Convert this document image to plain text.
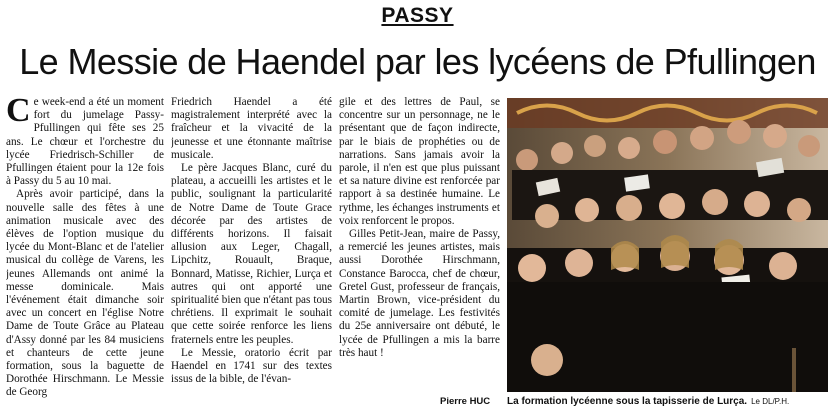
PASSY
Le Messie de Haendel par les lycéens de Pfullingen

Ce week-end a été un moment fort du jumelage Passy-Pfullingen qui fête ses 25 ans. Le chœur et l'orchestre du lycée Friedrisch-Schiller de Pfullingen étaient pour la 12e fois à Passy du 5 au 10 mai.

Après avoir participé, dans la nouvelle salle des fêtes à une animation musicale avec des élèves de l'option musique du lycée du Mont-Blanc et de l'atelier musical du collège de Varens, les jeunes Allemands ont animé la messe dominicale. Mais l'événement était dimanche soir avec un concert en l'église Notre Dame de Toute Grâce au Plateau d'Assy donné par les 84 musiciens et chanteurs de cette jeune formation, sous la baguette de Dorothée Hirschmann. Le Messie de Georg

Friedrich Haendel a été magistralement interprété avec la fraîcheur et la vivacité de la jeunesse et une étonnante maîtrise musicale.

Le père Jacques Blanc, curé du plateau, a accueilli les artistes et le public, soulignant la particularité de Notre Dame de Toute Grace décorée par des artistes de différents horizons. Il faisait allusion aux Leger, Chagall, Lipchitz, Rouault, Braque, Bonnard, Matisse, Richier, Lurça et autres qui ont apporté une spiritualité bien que n'étant pas tous chrétiens. Il exprimait le souhait que cette soirée renforce les liens fraternels entre les peuples.

Le Messie, oratorio écrit par Haendel en 1741 sur des textes issus de la bible, de l'évan-

gile et des lettres de Paul, se concentre sur un personnage, ne le présentant que de façon indirecte, par le biais de prophéties ou de narrations. Sans jamais avoir la parole, il n'en est que plus puissant et sa nature divine est renforcée par rapport à sa destinée humaine. Le rythme, les échanges instruments et voix renforcent le propos.

Gilles Petit-Jean, maire de Passy, a remercié les jeunes artistes, mais aussi Dorothée Hirschmann, Constance Barocca, chef de chœur, Gretel Gust, professeur de français, Martin Brown, vice-président du comité de jumelage. Les festivités du 25e anniversaire ont débuté, le lycée de Pfullingen a mis la barre très haut !

Pierre HUC La formation lycéenne sous la tapisserie de Lurça. Le DL/P.H.
